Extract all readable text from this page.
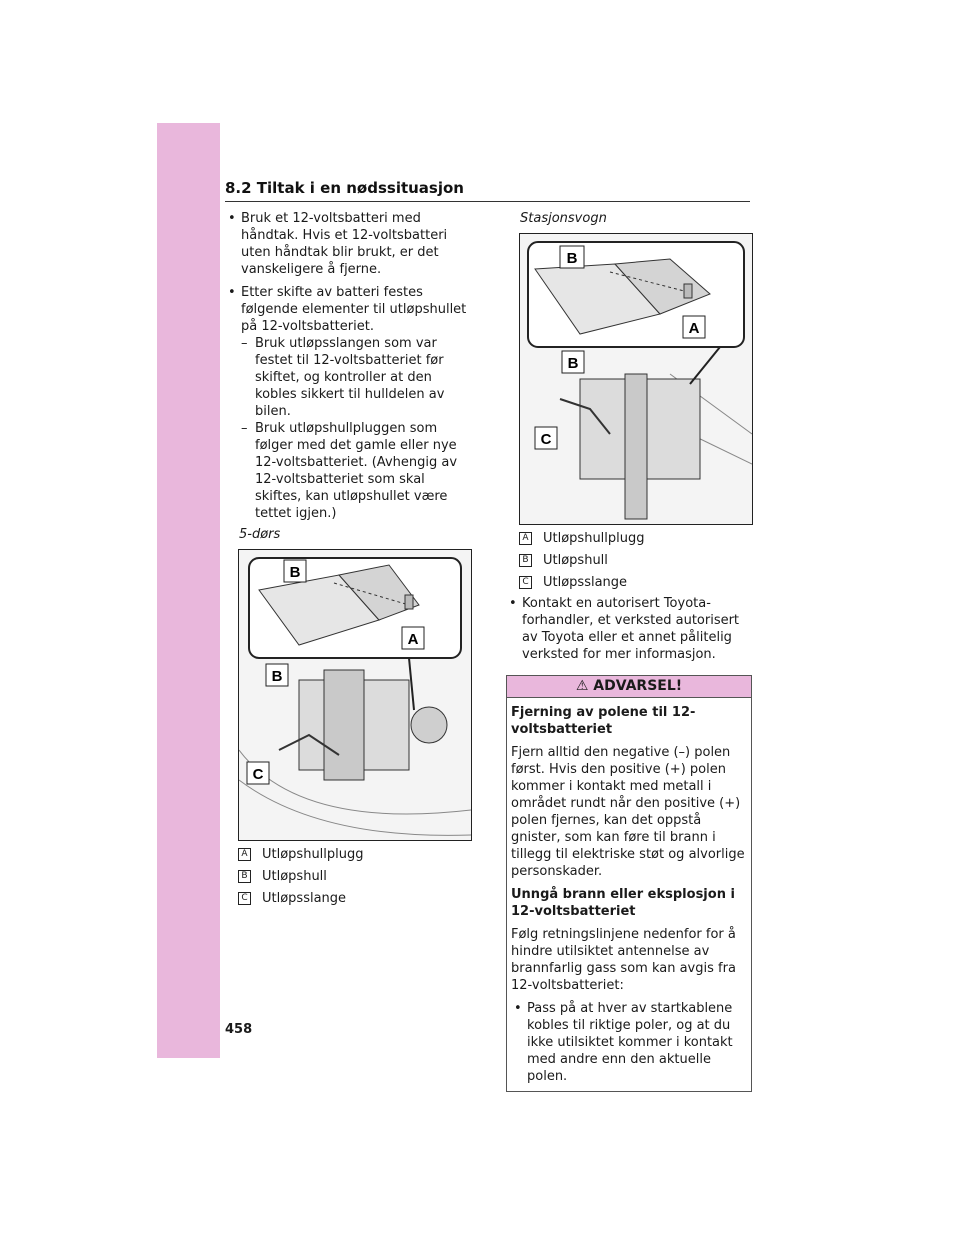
8.2 Tiltak i en nødssituasjon
• Bruk et 12-voltsbatteri med håndtak. Hvis et 12-voltsbatteri uten håndtak blir brukt, er det vanskeligere å fjerne.
• Etter skifte av batteri festes følgende elementer til utløpshullet på 12-voltsbatteriet.
– Bruk utløpsslangen som var festet til 12-voltsbatteriet før skiftet, og kontroller at den kobles sikkert til hulldelen av bilen.
– Bruk utløpshullpluggen som følger med det gamle eller nye 12-voltsbatteriet. (Avhengig av 12-voltsbatteriet som skal skiftes, kan utløpshullet være tettet igjen.)
5-dørs
B
A
B
C
A Utløpshullplugg
B Utløpshull
C Utløpsslange
Stasjonsvogn
B
A
B
C
A Utløpshullplugg
B Utløpshull
C Utløpsslange
• Kontakt en autorisert Toyota-forhandler, et verksted autorisert av Toyota eller et annet pålitelig verksted for mer informasjon.
⚠ ADVARSEL!

Fjerning av polene til 12-voltsbatteriet

Fjern alltid den negative (–) polen først. Hvis den positive (+) polen kommer i kontakt med metall i området rundt når den positive (+) polen fjernes, kan det oppstå gnister, som kan føre til brann i tillegg til elektriske støt og alvorlige personskader.

Unngå brann eller eksplosjon i 12-voltsbatteriet

Følg retningslinjene nedenfor for å hindre utilsiktet antennelse av brannfarlig gass som kan avgis fra 12-voltsbatteriet:

• Pass på at hver av startkablene kobles til riktige poler, og at du ikke utilsiktet kommer i kontakt med andre enn den aktuelle polen.
458
